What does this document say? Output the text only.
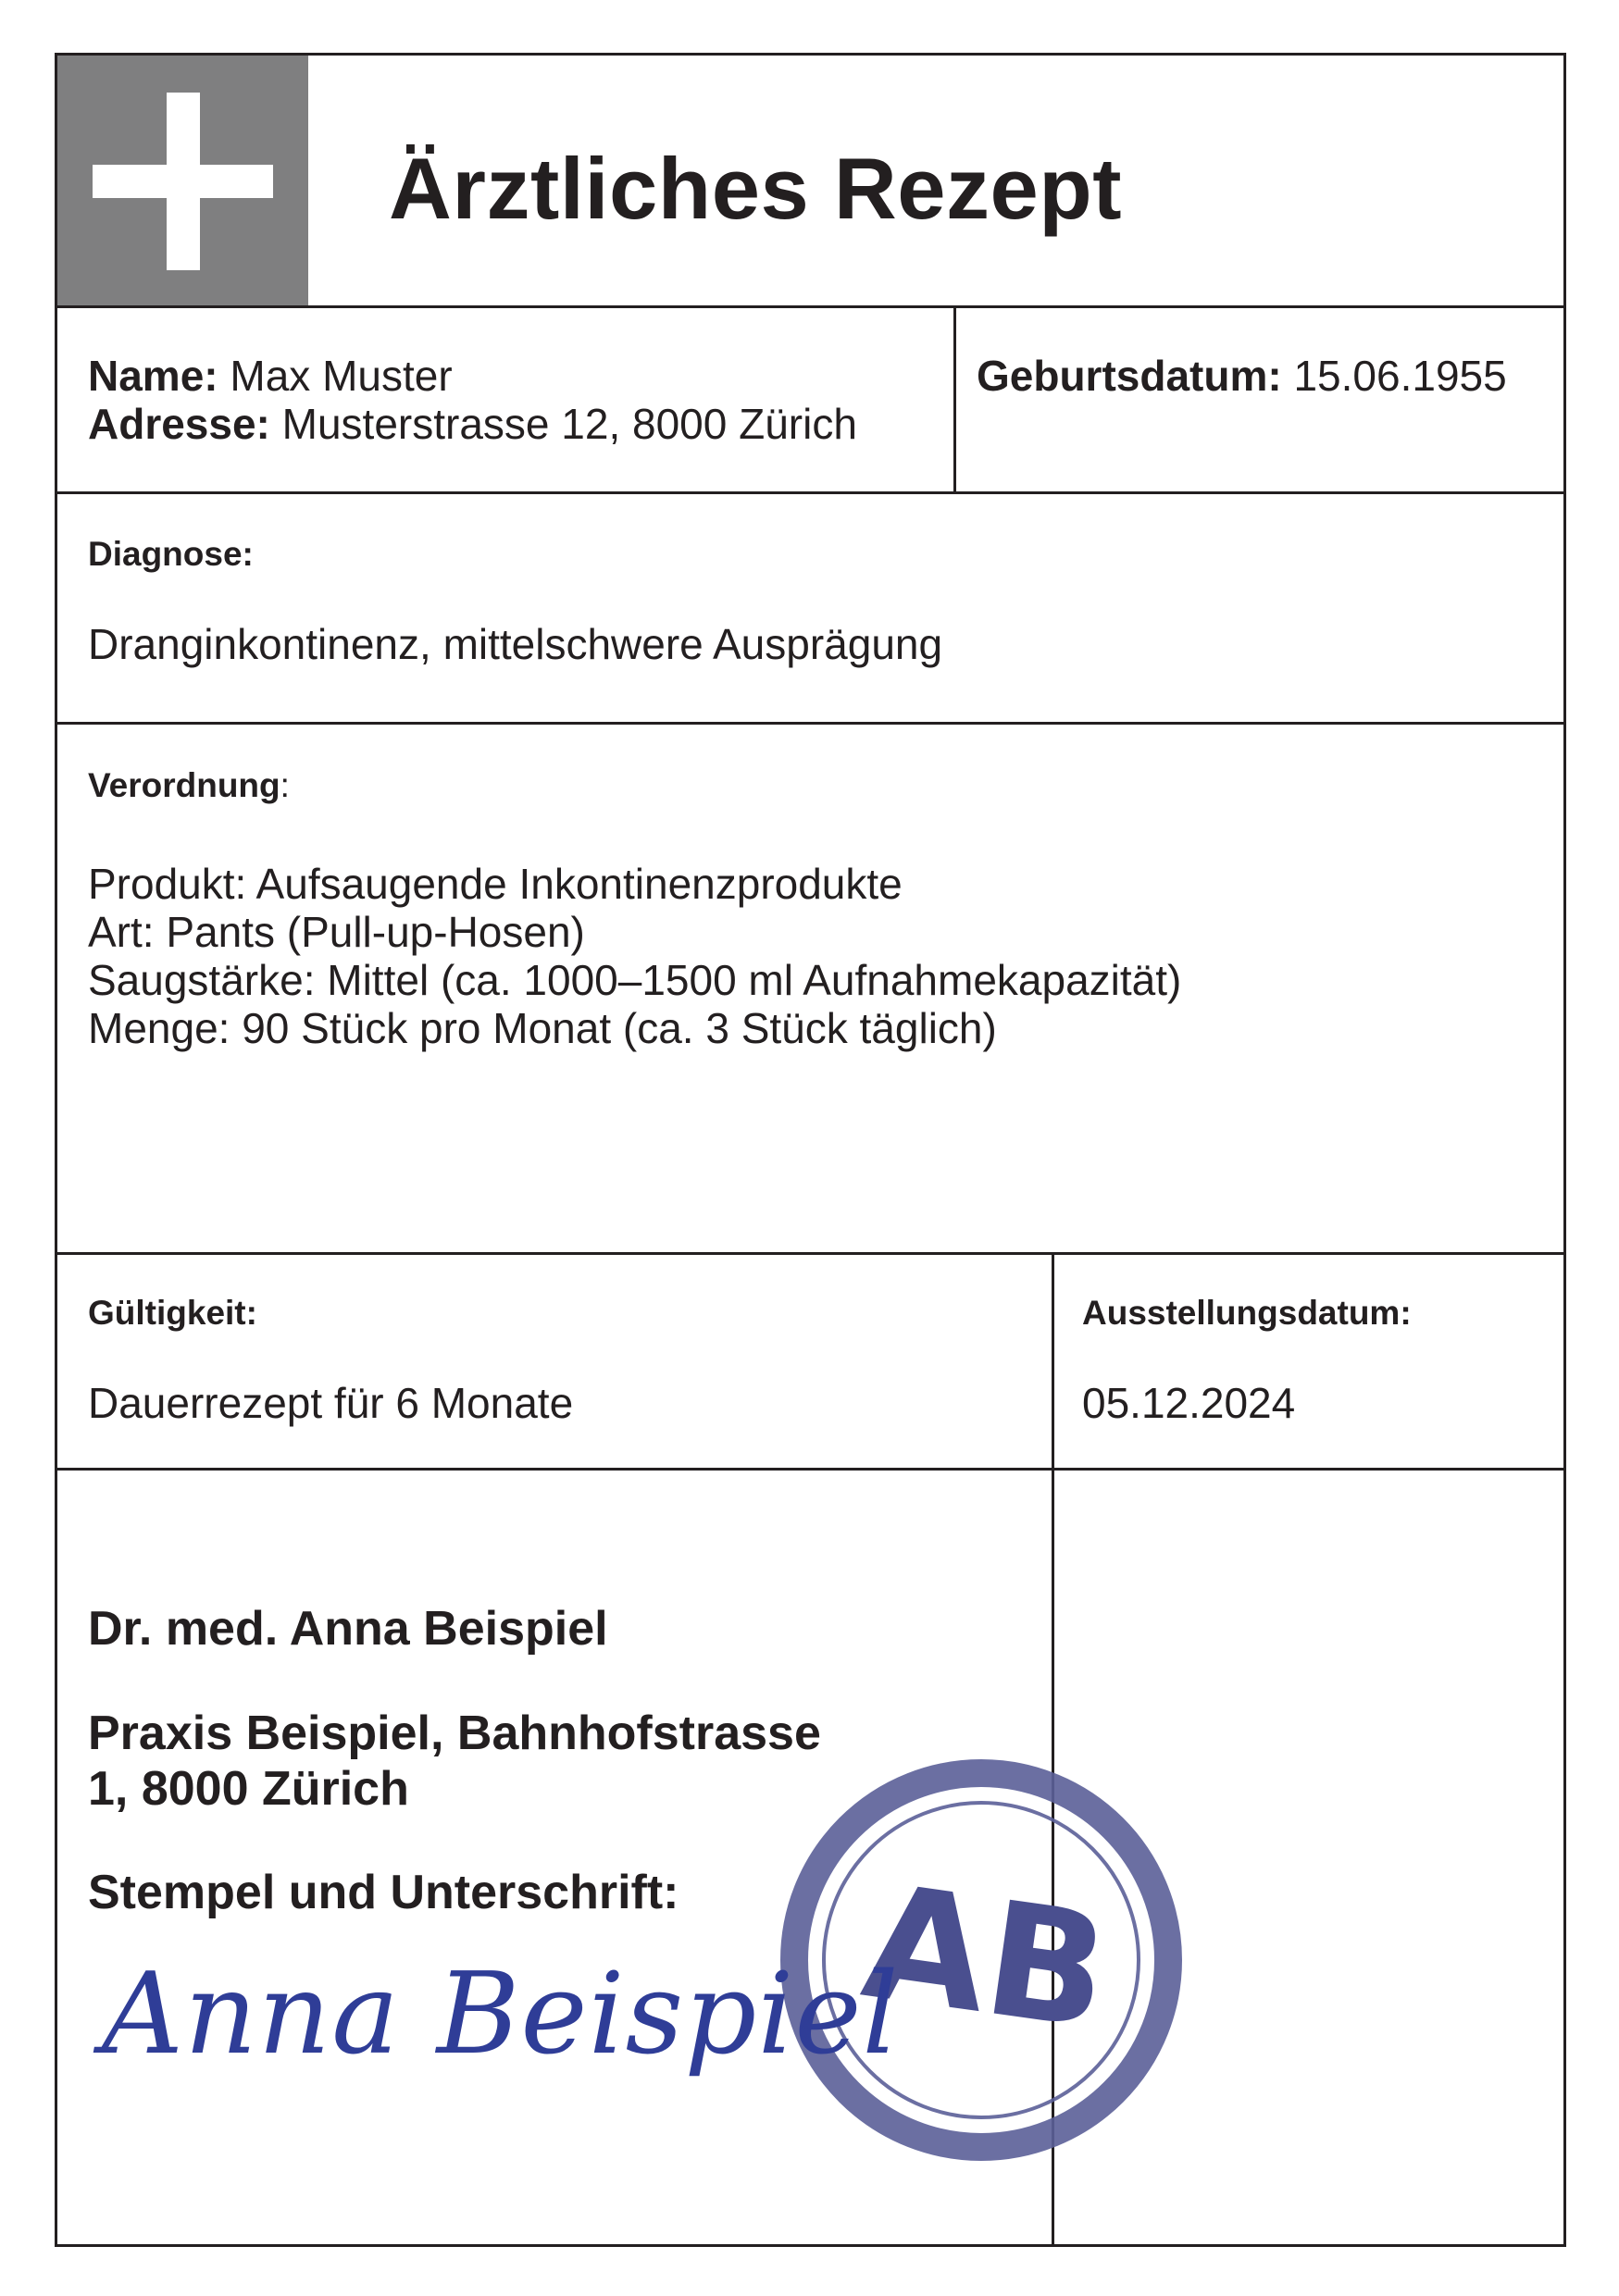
Ärztliches Rezept
Name: Max Muster
Adresse: Musterstrasse 12, 8000 Zürich
Geburtsdatum: 15.06.1955
Diagnose:
Dranginkontinenz, mittelschwere Ausprägung
Verordnung:
Produkt: Aufsaugende Inkontinenzprodukte
Art: Pants (Pull-up-Hosen)
Saugstärke: Mittel (ca. 1000–1500 ml Aufnahmekapazität)
Menge: 90 Stück pro Monat (ca. 3 Stück täglich)
Gültigkeit:
Dauerrezept für 6 Monate
Ausstellungsdatum:
05.12.2024
Dr. med. Anna Beispiel
Praxis Beispiel, Bahnhofstrasse
1, 8000 Zürich
Stempel und Unterschrift: AB
Anna Beispiel
